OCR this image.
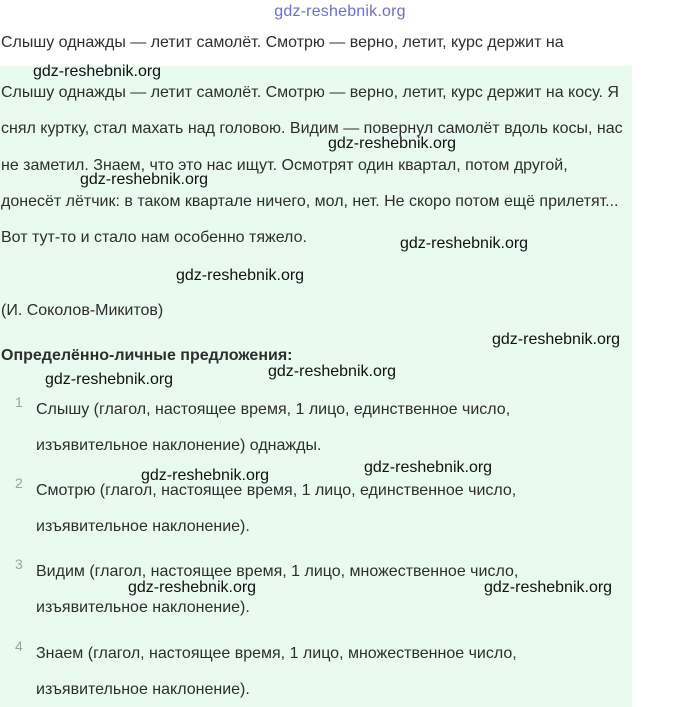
gdz-reshebnik.org
Слышу однажды — летит самолёт. Смотрю — верно, летит, курс держит на

Слышу однажды — летит самолёт. Смотрю — верно, летит, курс держит на косу. Я снял куртку, стал махать над головою. Видим — повернул самолёт вдоль косы, нас не заметил. Знаем, что это нас ищут. Осмотрят один квартал, потом другой, донесёт лётчик: в таком квартале ничего, мол, нет. Не скоро потом ещё прилетят... Вот тут-то и стало нам особенно тяжело.

(И. Соколов-Микитов)
Определённо-личные предложения:
1 Слышу (глагол, настоящее время, 1 лицо, единственное число, изъявительное наклонение) однажды.
2 Смотрю (глагол, настоящее время, 1 лицо, единственное число, изъявительное наклонение).
3 Видим (глагол, настоящее время, 1 лицо, множественное число, изъявительное наклонение).
4 Знаем (глагол, настоящее время, 1 лицо, множественное число, изъявительное наклонение).
gdz-reshebnik.org
gdz-reshebnik.org
gdz-reshebnik.org
gdz-reshebnik.org
gdz-reshebnik.org
gdz-reshebnik.org
gdz-reshebnik.org
gdz-reshebnik.org
gdz-reshebnik.org
gdz-reshebnik.org
gdz-reshebnik.org	gdz-reshebnik.org
